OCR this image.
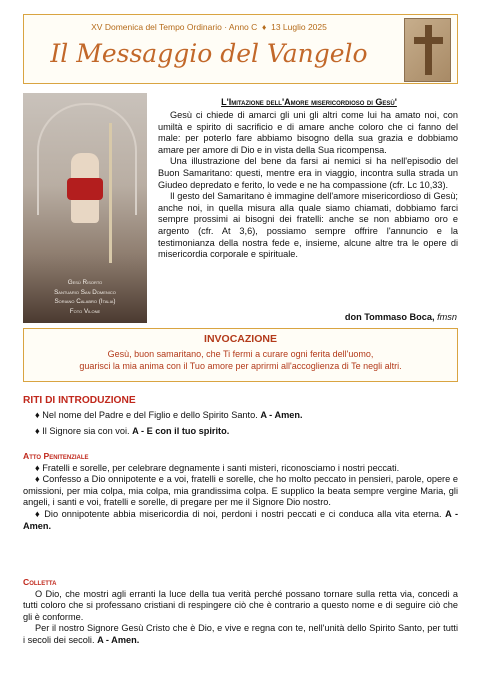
XV Domenica del Tempo Ordinario · Anno C ♦ 13 Luglio 2025
Il Messaggio del Vangelo
Gesù Risorto
Santuario San Domenico
Soriano Calabro (Italia)
Foto Vilone
L'Imitazione dell'Amore misericordioso di Gesù'

Gesù ci chiede di amarci gli uni gli altri come lui ha amato noi, con umiltà e spirito di sacrificio e di amare anche coloro che ci fanno del male: per poterlo fare abbiamo bisogno della sua grazia e dobbiamo amare per amore di Dio e in vista della Sua ricompensa.

Una illustrazione del bene da farsi ai nemici si ha nell'episodio del Buon Samaritano: questi, mentre era in viaggio, incontra sulla strada un Giudeo depredato e ferito, lo vede e ne ha compassione (cfr. Lc 10,33).

Il gesto del Samaritano è immagine dell'amore misericordioso di Gesù; anche noi, in quella misura alla quale siamo chiamati, dobbiamo farci sempre prossimi ai bisogni dei fratelli: anche se non abbiamo oro e argento (cfr. At 3,6), possiamo sempre offrire l'annuncio e la testimonianza della nostra fede e, insieme, alcune altre tra le opere di misericordia corporale e spirituale.

don Tommaso Boca, fmsn
INVOCAZIONE
Gesù, buon samaritano, che Ti fermi a curare ogni ferita dell'uomo,
guarisci la mia anima con il Tuo amore per aprirmi all'accoglienza di Te negli altri.
RITI DI INTRODUZIONE

♦ Nel nome del Padre e del Figlio e dello Spirito Santo. A - Amen.

♦ Il Signore sia con voi. A - E con il tuo spirito.

Atto Penitenziale

♦ Fratelli e sorelle, per celebrare degnamente i santi misteri, riconosciamo i nostri peccati.

♦ Confesso a Dio onnipotente e a voi, fratelli e sorelle, che ho molto peccato in pensieri, parole, opere e omissioni, per mia colpa, mia colpa, mia grandissima colpa. E supplico la beata sempre vergine Maria, gli angeli, i santi e voi, fratelli e sorelle, di pregare per me il Signore Dio nostro.

♦ Dio onnipotente abbia misericordia di noi, perdoni i nostri peccati e ci conduca alla vita eterna. A - Amen.

Colletta

O Dio, che mostri agli erranti la luce della tua verità perché possano tornare sulla retta via, concedi a tutti coloro che si professano cristiani di respingere ciò che è contrario a questo nome e di seguire ciò che gli è conforme.

Per il nostro Signore Gesù Cristo che è Dio, e vive e regna con te, nell'unità dello Spirito Santo, per tutti i secoli dei secoli. A - Amen.
